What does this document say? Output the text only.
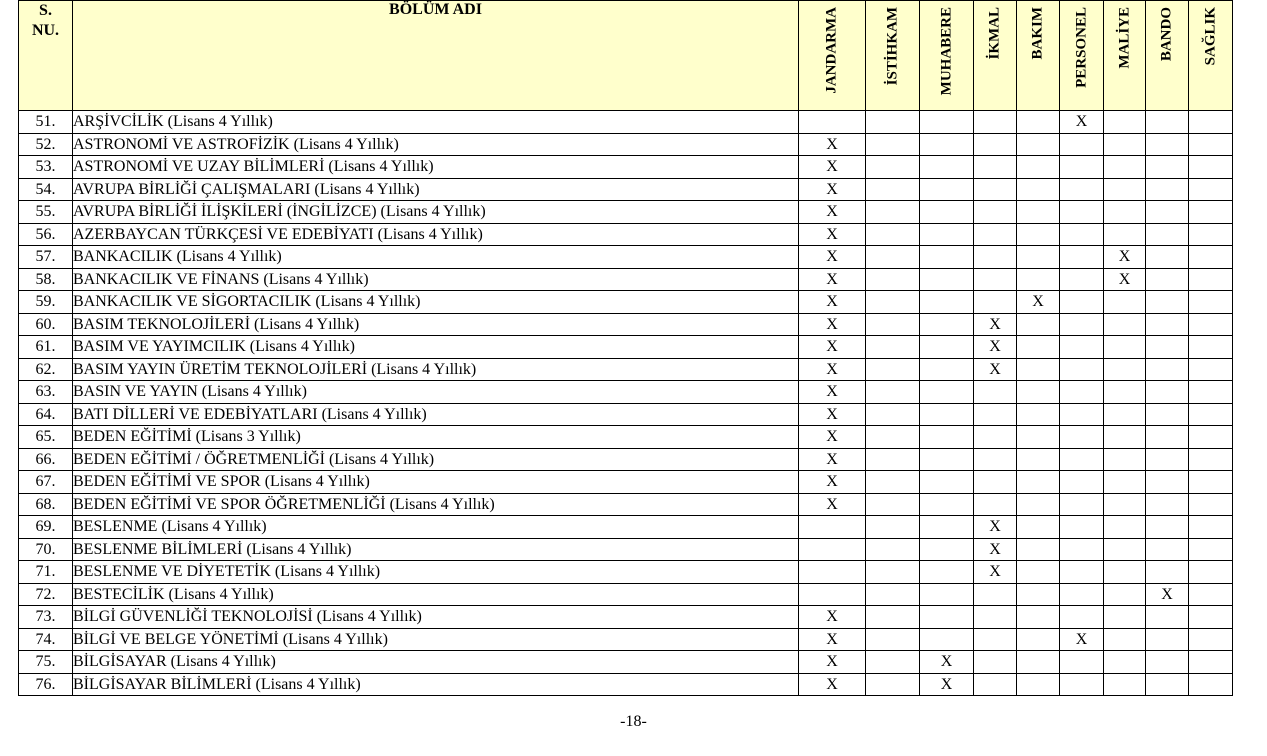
S.
NU.	BÖLÜM ADI	JANDARMA	İSTİHKAM	MUHABERE	İKMAL	BAKIM	PERSONEL	MALİYE	BANDO	SAĞLIK

51.	ARŞİVCİLİK (Lisans 4 Yıllık)						X			
52.	ASTRONOMİ VE ASTROFİZİK (Lisans 4 Yıllık)	X								
53.	ASTRONOMİ VE UZAY BİLİMLERİ (Lisans 4 Yıllık)	X								
54.	AVRUPA BİRLİĞİ ÇALIŞMALARI (Lisans 4 Yıllık)	X								
55.	AVRUPA BİRLİĞİ İLİŞKİLERİ (İNGİLİZCE) (Lisans 4 Yıllık)	X								
56.	AZERBAYCAN TÜRKÇESİ VE EDEBİYATI (Lisans 4 Yıllık)	X								
57.	BANKACILIK (Lisans 4 Yıllık)	X						X		
58.	BANKACILIK VE FİNANS (Lisans 4 Yıllık)	X						X		
59.	BANKACILIK VE SİGORTACILIK (Lisans 4 Yıllık)	X				X				
60.	BASIM TEKNOLOJİLERİ (Lisans 4 Yıllık)	X			X					
61.	BASIM VE YAYIMCILIK (Lisans 4 Yıllık)	X			X					
62.	BASIM YAYIN ÜRETİM TEKNOLOJİLERİ (Lisans 4 Yıllık)	X			X					
63.	BASIN VE YAYIN (Lisans 4 Yıllık)	X								
64.	BATI DİLLERİ VE EDEBİYATLARI (Lisans 4 Yıllık)	X								
65.	BEDEN EĞİTİMİ (Lisans 3 Yıllık)	X								
66.	BEDEN EĞİTİMİ / ÖĞRETMENLİĞİ (Lisans 4 Yıllık)	X								
67.	BEDEN EĞİTİMİ VE SPOR (Lisans 4 Yıllık)	X								
68.	BEDEN EĞİTİMİ VE SPOR ÖĞRETMENLİĞİ (Lisans 4 Yıllık)	X								
69.	BESLENME (Lisans 4 Yıllık)				X					
70.	BESLENME BİLİMLERİ (Lisans 4 Yıllık)				X					
71.	BESLENME VE DİYETETİK (Lisans 4 Yıllık)				X					
72.	BESTECİLİK (Lisans 4 Yıllık)								X	
73.	BİLGİ GÜVENLİĞİ TEKNOLOJİSİ (Lisans 4 Yıllık)	X								
74.	BİLGİ VE BELGE YÖNETİMİ (Lisans 4 Yıllık)	X					X			
75.	BİLGİSAYAR (Lisans 4 Yıllık)	X		X						
76.	BİLGİSAYAR BİLİMLERİ (Lisans 4 Yıllık)	X		X						
-18-
